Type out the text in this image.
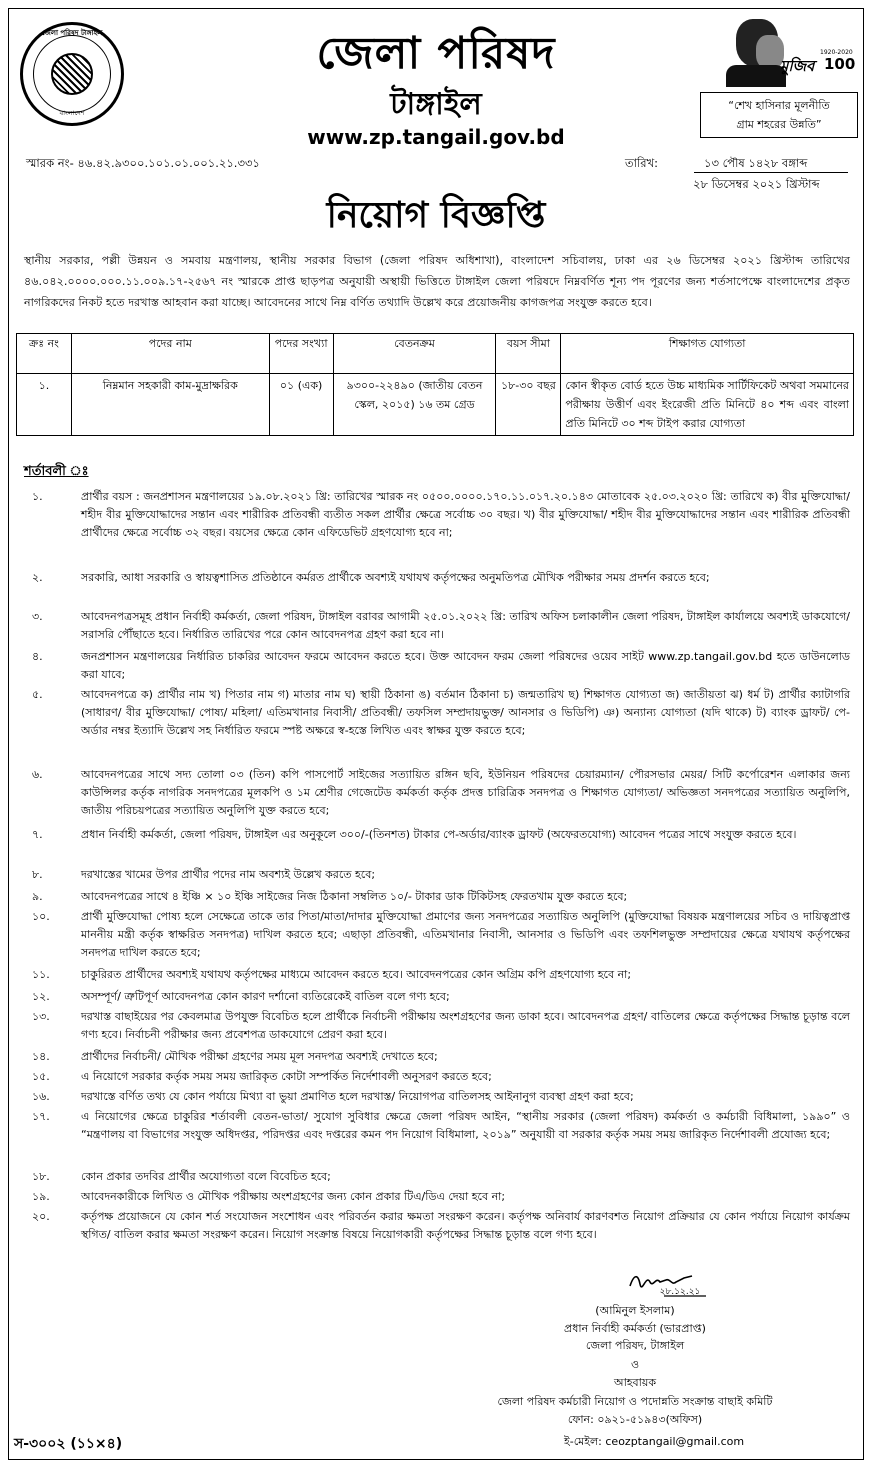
জেলা পরিষদ টাঙ্গাইল
বাংলাদেশ
জেলা পরিষদ
টাঙ্গাইল
www.zp.tangail.gov.bd
মুজিব
1920-2020
100
“শেখ হাসিনার মূলনীতি
গ্রাম শহরের উন্নতি”
স্মারক নং- ৪৬.৪২.৯৩০০.১০১.০১.০০১.২১.৩৩১	তারিখ:	১৩ পৌষ ১৪২৮ বঙ্গাব্দ
২৮ ডিসেম্বর ২০২১ খ্রিস্টাব্দ
নিয়োগ বিজ্ঞপ্তি
স্থানীয় সরকার, পল্লী উন্নয়ন ও সমবায় মন্ত্রণালয়, স্থানীয় সরকার বিভাগ (জেলা পরিষদ অধিশাখা), বাংলাদেশ সচিবালয়, ঢাকা এর ২৬ ডিসেম্বর ২০২১ খ্রিস্টাব্দ তারিখের ৪৬.০৪২.০০০০.০০০.১১.০০৯.১৭-২৫৬৭ নং স্মারকে প্রাপ্ত ছাড়পত্র অনুযায়ী অস্থায়ী ভিত্তিতে টাঙ্গাইল জেলা পরিষদে নিম্নবর্ণিত শূন্য পদ পূরণের জন্য শর্তসাপেক্ষে বাংলাদেশের প্রকৃত নাগরিকদের নিকট হতে দরখাস্ত আহবান করা যাচ্ছে। আবেদনের সাথে নিম্ন বর্ণিত তথ্যাদি উল্লেখ করে প্রয়োজনীয় কাগজপত্র সংযুক্ত করতে হবে।
ক্রঃ নং	পদের নাম	পদের সংখ্যা	বেতনক্রম	বয়স সীমা	শিক্ষাগত যোগ্যতা
১.	নিম্নমান সহকারী কাম-মুদ্রাক্ষরিক	০১ (এক)	৯৩০০-২২৪৯০ (জাতীয় বেতন স্কেল, ২০১৫) ১৬ তম গ্রেড	১৮-৩০ বছর	কোন স্বীকৃত বোর্ড হতে উচ্চ মাধ্যমিক সার্টিফিকেট অথবা সমমানের পরীক্ষায় উত্তীর্ণ এবং ইংরেজী প্রতি মিনিটে ৪০ শব্দ এবং বাংলা প্রতি মিনিটে ৩০ শব্দ টাইপ করার যোগ্যতা
শর্তাবলী ঃ
১.	প্রার্থীর বয়স : জনপ্রশাসন মন্ত্রণালয়ের ১৯.০৮.২০২১ খ্রি: তারিখের স্মারক নং ০৫০০.০০০০.১৭০.১১.০১৭.২০.১৪৩ মোতাবেক ২৫.০৩.২০২০ খ্রি: তারিখে ক) বীর মুক্তিযোদ্ধা/ শহীদ বীর মুক্তিযোদ্ধাদের সন্তান এবং শারীরিক প্রতিবন্ধী ব্যতীত সকল প্রার্থীর ক্ষেত্রে সর্বোচ্চ ৩০ বছর। খ) বীর মুক্তিযোদ্ধা/ শহীদ বীর মুক্তিযোদ্ধাদের সন্তান এবং শারীরিক প্রতিবন্ধী প্রার্থীদের ক্ষেত্রে সর্বোচ্চ ৩২ বছর। বয়সের ক্ষেত্রে কোন এফিডেভিট গ্রহণযোগ্য হবে না;
২.	সরকারি, আধা সরকারি ও স্বায়ত্বশাসিত প্রতিষ্ঠানে কর্মরত প্রার্থীকে অবশ্যই যথাযথ কর্তৃপক্ষের অনুমতিপত্র মৌখিক পরীক্ষার সময় প্রদর্শন করতে হবে;
৩.	আবেদনপত্রসমূহ প্রধান নির্বাহী কর্মকর্তা, জেলা পরিষদ, টাঙ্গাইল বরাবর আগামী ২৫.০১.২০২২ খ্রি: তারিখ অফিস চলাকালীন জেলা পরিষদ, টাঙ্গাইল কার্যালয়ে অবশ্যই ডাকযোগে/ সরাসরি পৌঁছাতে হবে। নির্ধারিত তারিখের পরে কোন আবেদনপত্র গ্রহণ করা হবে না।
৪.	জনপ্রশাসন মন্ত্রণালয়ের নির্ধারিত চাকরির আবেদন ফরমে আবেদন করতে হবে। উক্ত আবেদন ফরম জেলা পরিষদের ওয়েব সাইট www.zp.tangail.gov.bd হতে ডাউনলোড করা যাবে;
৫.	আবেদনপত্রে ক) প্রার্থীর নাম খ) পিতার নাম গ) মাতার নাম ঘ) স্থায়ী ঠিকানা ঙ) বর্তমান ঠিকানা চ) জন্মতারিখ ছ) শিক্ষাগত যোগ্যতা জ) জাতীয়তা ঝ) ধর্ম ট) প্রার্থীর ক্যাটাগরি (সাধারণ/ বীর মুক্তিযোদ্ধা/ পোষ্য/ মহিলা/ এতিমখানার নিবাসী/ প্রতিবন্ধী/ তফসিল সম্প্রদায়ভুক্ত/ আনসার ও ভিডিপি) ঞ) অন্যান্য যোগ্যতা (যদি থাকে) ট) ব্যাংক ড্রাফট/ পে-অর্ডার নম্বর ইত্যাদি উল্লেখ সহ নির্ধারিত ফরমে স্পষ্ট অক্ষরে স্ব-হস্তে লিখিত এবং স্বাক্ষর যুক্ত করতে হবে;
৬.	আবেদনপত্রের সাথে সদ্য তোলা ০৩ (তিন) কপি পাসপোর্ট সাইজের সত্যায়িত রঙ্গিন ছবি, ইউনিয়ন পরিষদের চেয়ারম্যান/ পৌরসভার মেয়র/ সিটি কর্পোরেশন এলাকার জন্য কাউন্সিলর কর্তৃক নাগরিক সনদপত্রের মূলকপি ও ১ম শ্রেণীর গেজেটেড কর্মকর্তা কর্তৃক প্রদত্ত চারিত্রিক সনদপত্র ও শিক্ষাগত যোগ্যতা/ অভিজ্ঞতা সনদপত্রের সত্যায়িত অনুলিপি, জাতীয় পরিচয়পত্রের সত্যায়িত অনুলিপি যুক্ত করতে হবে;
৭.	প্রধান নির্বাহী কর্মকর্তা, জেলা পরিষদ, টাঙ্গাইল এর অনুকূলে ৩০০/-(তিনশত) টাকার পে-অর্ডার/ব্যাংক ড্রাফট (অফেরতযোগ্য) আবেদন পত্রের সাথে সংযুক্ত করতে হবে।
৮.	দরখাস্তের খামের উপর প্রার্থীর পদের নাম অবশ্যই উল্লেখ করতে হবে;
৯.	আবেদনপত্রের সাথে ৪ ইঞ্চি × ১০ ইঞ্চি সাইজের নিজ ঠিকানা সম্বলিত ১০/- টাকার ডাক টিকিটসহ ফেরতখাম যুক্ত করতে হবে;
১০.	প্রার্থী মুক্তিযোদ্ধা পোষ্য হলে সেক্ষেত্রে তাকে তার পিতা/মাতা/দাদার মুক্তিযোদ্ধা প্রমাণের জন্য সনদপত্রের সত্যায়িত অনুলিপি (মুক্তিযোদ্ধা বিষয়ক মন্ত্রণালয়ের সচিব ও দায়িত্বপ্রাপ্ত মাননীয় মন্ত্রী কর্তৃক স্বাক্ষরিত সনদপত্র) দাখিল করতে হবে; এছাড়া প্রতিবন্ধী, এতিমখানার নিবাসী, আনসার ও ভিডিপি এবং তফশিলভুক্ত সম্প্রদায়ের ক্ষেত্রে যথাযথ কর্তৃপক্ষের সনদপত্র দাখিল করতে হবে;
১১.	চাকুরিরত প্রার্থীদের অবশ্যই যথাযথ কর্তৃপক্ষের মাধ্যমে আবেদন করতে হবে। আবেদনপত্রের কোন অগ্রিম কপি গ্রহণযোগ্য হবে না;
১২.	অসম্পূর্ণ/ ত্রুটিপূর্ণ আবেদনপত্র কোন কারণ দর্শানো ব্যতিরেকেই বাতিল বলে গণ্য হবে;
১৩.	দরখাস্ত বাছাইয়ের পর কেবলমাত্র উপযুক্ত বিবেচিত হলে প্রার্থীকে নির্বাচনী পরীক্ষায় অংশগ্রহণের জন্য ডাকা হবে। আবেদনপত্র গ্রহণ/ বাতিলের ক্ষেত্রে কর্তৃপক্ষের সিদ্ধান্ত চূড়ান্ত বলে গণ্য হবে। নির্বাচনী পরীক্ষার জন্য প্রবেশপত্র ডাকযোগে প্রেরণ করা হবে।
১৪.	প্রার্থীদের নির্বাচনী/ মৌখিক পরীক্ষা গ্রহণের সময় মূল সনদপত্র অবশ্যই দেখাতে হবে;
১৫.	এ নিয়োগে সরকার কর্তৃক সময় সময় জারিকৃত কোটা সম্পর্কিত নির্দেশাবলী অনুসরণ করতে হবে;
১৬.	দরখাস্তে বর্ণিত তথ্য যে কোন পর্যায়ে মিথ্যা বা ভুয়া প্রমাণিত হলে দরখাস্ত/ নিয়োগপত্র বাতিলসহ আইনানুগ ব্যবস্থা গ্রহণ করা হবে;
১৭.	এ নিয়োগের ক্ষেত্রে চাকুরির শর্তাবলী বেতন-ভাতা/ সুযোগ সুবিধার ক্ষেত্রে জেলা পরিষদ আইন, “স্থানীয় সরকার (জেলা পরিষদ) কর্মকর্তা ও কর্মচারী বিধিমালা, ১৯৯০” ও “মন্ত্রণালয় বা বিভাগের সংযুক্ত অধিদপ্তর, পরিদপ্তর এবং দপ্তরের কমন পদ নিয়োগ বিধিমালা, ২০১৯” অনুযায়ী বা সরকার কর্তৃক সময় সময় জারিকৃত নির্দেশাবলী প্রযোজ্য হবে;
১৮.	কোন প্রকার তদবির প্রার্থীর অযোগ্যতা বলে বিবেচিত হবে;
১৯.	আবেদনকারীকে লিখিত ও মৌখিক পরীক্ষায় অংশগ্রহণের জন্য কোন প্রকার টিএ/ডিএ দেয়া হবে না;
২০.	কর্তৃপক্ষ প্রয়োজনে যে কোন শর্ত সংযোজন সংশোধন এবং পরিবর্তন করার ক্ষমতা সংরক্ষণ করেন। কর্তৃপক্ষ অনিবার্য কারণবশত নিয়োগ প্রক্রিয়ার যে কোন পর্যায়ে নিয়োগ কার্যক্রম স্থগিত/ বাতিল করার ক্ষমতা সংরক্ষণ করেন। নিয়োগ সংক্রান্ত বিষয়ে নিয়োগকারী কর্তৃপক্ষের সিদ্ধান্ত চূড়ান্ত বলে গণ্য হবে।
২৮.১২.২১
(আমিনুল ইসলাম)
প্রধান নির্বাহী কর্মকর্তা (ভারপ্রাপ্ত)
জেলা পরিষদ, টাঙ্গাইল
ও
আহবায়ক
জেলা পরিষদ কর্মচারী নিয়োগ ও পদোন্নতি সংক্রান্ত বাছাই কমিটি
ফোন: ০৯২১-৫১৯৪৩(অফিস)
ই-মেইল: ceozptangail@gmail.com
স-৩০০২ (১১×৪)
